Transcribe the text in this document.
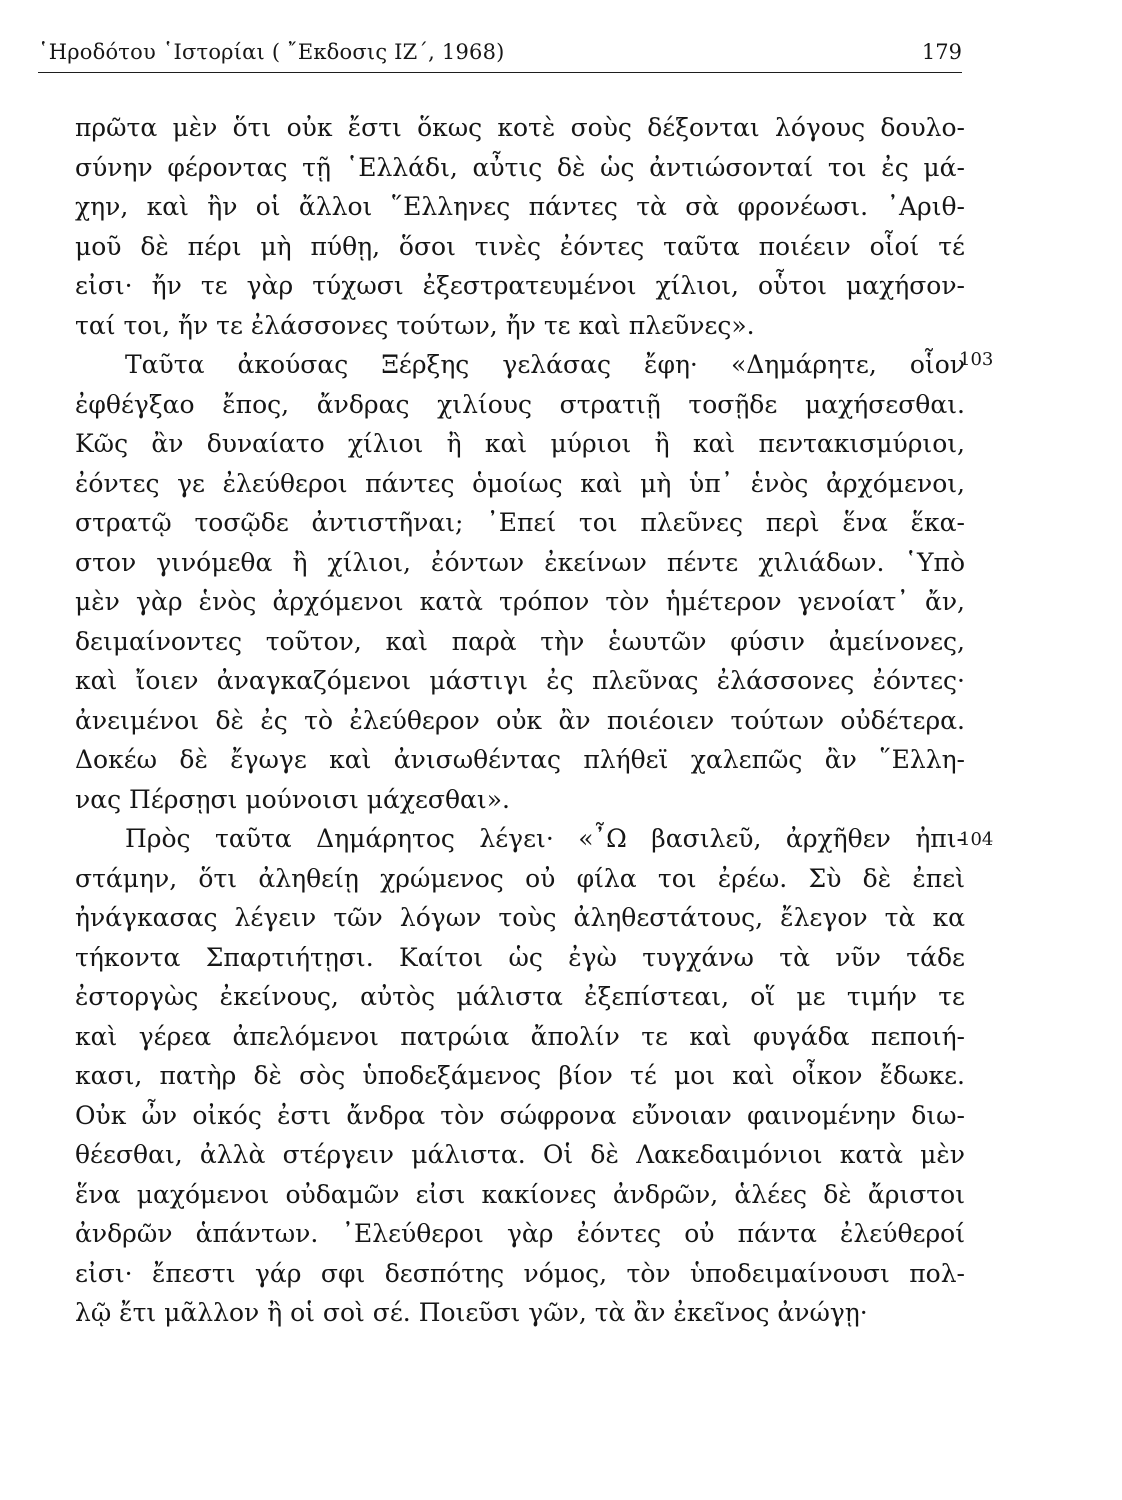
῾Ηροδότου ῾Ιστορίαι ( ῎Εκδοσις ΙΖ΄, 1968)	179
πρῶτα μὲν ὅτι οὐκ ἔστι ὅκως κοτὲ σοὺς δέξονται λόγους δουλο-
σύνην φέροντας τῇ ῾Ελλάδι, αὖτις δὲ ὡς ἀντιώσονταί τοι ἐς μά-
χην, καὶ ἢν οἱ ἄλλοι ῞Ελληνες πάντες τὰ σὰ φρονέωσι. ᾿Αριθ-
μοῦ δὲ πέρι μὴ πύθῃ, ὅσοι τινὲς ἐόντες ταῦτα ποιέειν οἷοί τέ
εἰσι· ἤν τε γὰρ τύχωσι ἐξεστρατευμένοι χίλιοι, οὗτοι μαχήσον-
ταί τοι, ἤν τε ἐλάσσονες τούτων, ἤν τε καὶ πλεῦνες».
Ταῦτα ἀκούσας Ξέρξης γελάσας ἔφη· «Δημάρητε, οἷον
ἐφθέγξαο ἔπος, ἄνδρας χιλίους στρατιῇ τοσῇδε μαχήσεσθαι.
Κῶς ἂν δυναίατο χίλιοι ἢ καὶ μύριοι ἢ καὶ πεντακισμύριοι,
ἐόντες γε ἐλεύθεροι πάντες ὁμοίως καὶ μὴ ὑπ᾿ ἑνὸς ἀρχόμενοι,
στρατῷ τοσῷδε ἀντιστῆναι; ᾿Επεί τοι πλεῦνες περὶ ἕνα ἕκα-
στον γινόμεθα ἢ χίλιοι, ἐόντων ἐκείνων πέντε χιλιάδων. ῾Υπὸ
μὲν γὰρ ἑνὸς ἀρχόμενοι κατὰ τρόπον τὸν ἡμέτερον γενοίατ᾿ ἄν,
δειμαίνοντες τοῦτον, καὶ παρὰ τὴν ἑωυτῶν φύσιν ἀμείνονες,
καὶ ἴοιεν ἀναγκαζόμενοι μάστιγι ἐς πλεῦνας ἐλάσσονες ἐόντες·
ἀνειμένοι δὲ ἐς τὸ ἐλεύθερον οὐκ ἂν ποιέοιεν τούτων οὐδέτερα.
Δοκέω δὲ ἔγωγε καὶ ἀνισωθέντας πλήθεϊ χαλεπῶς ἂν ῞Ελλη-
νας Πέρσῃσι μούνοισι μάχεσθαι».
Πρὸς ταῦτα Δημάρητος λέγει· «῏Ω βασιλεῦ, ἀρχῆθεν ἠπι-
στάμην, ὅτι ἀληθείῃ χρώμενος οὐ φίλα τοι ἐρέω. Σὺ δὲ ἐπεὶ
ἠνάγκασας λέγειν τῶν λόγων τοὺς ἀληθεστάτους, ἔλεγον τὰ κα
τήκοντα Σπαρτιήτῃσι. Καίτοι ὡς ἐγὼ τυγχάνω τὰ νῦν τάδε
ἐστοργὼς ἐκείνους, αὐτὸς μάλιστα ἐξεπίστεαι, οἵ με τιμήν τε
καὶ γέρεα ἀπελόμενοι πατρώια ἄπολίν τε καὶ φυγάδα πεποιή-
κασι, πατὴρ δὲ σὸς ὑποδεξάμενος βίον τέ μοι καὶ οἶκον ἔδωκε.
Οὐκ ὦν οἰκός ἐστι ἄνδρα τὸν σώφρονα εὔνοιαν φαινομένην διω-
θέεσθαι, ἀλλὰ στέργειν μάλιστα. Οἱ δὲ Λακεδαιμόνιοι κατὰ μὲν
ἕνα μαχόμενοι οὐδαμῶν εἰσι κακίονες ἀνδρῶν, ἁλέες δὲ ἄριστοι
ἀνδρῶν ἁπάντων. ᾿Ελεύθεροι γὰρ ἐόντες οὐ πάντα ἐλεύθεροί
εἰσι· ἔπεστι γάρ σφι δεσπότης νόμος, τὸν ὑποδειμαίνουσι πολ-
λῷ ἔτι μᾶλλον ἢ οἱ σοὶ σέ. Ποιεῦσι γῶν, τὰ ἂν ἐκεῖνος ἀνώγῃ·
103
104
